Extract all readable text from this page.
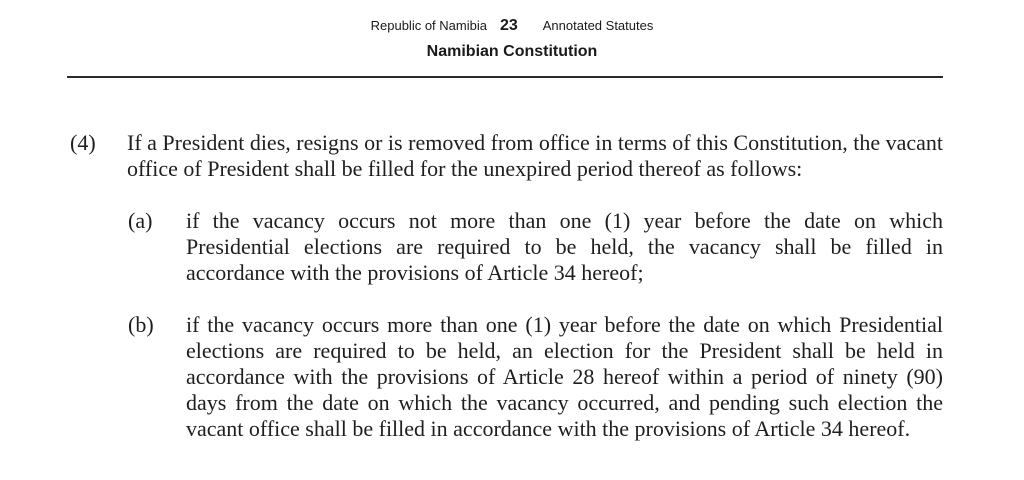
Republic of Namibia 23 Annotated Statutes
Namibian Constitution
(4) If a President dies, resigns or is removed from office in terms of this Constitution, the vacant office of President shall be filled for the unexpired period thereof as follows:
(a) if the vacancy occurs not more than one (1) year before the date on which Presidential elections are required to be held, the vacancy shall be filled in accordance with the provisions of Article 34 hereof;
(b) if the vacancy occurs more than one (1) year before the date on which Presidential elections are required to be held, an election for the President shall be held in accordance with the provisions of Article 28 hereof within a period of ninety (90) days from the date on which the vacancy occurred, and pending such election the vacant office shall be filled in accordance with the provisions of Article 34 hereof.
